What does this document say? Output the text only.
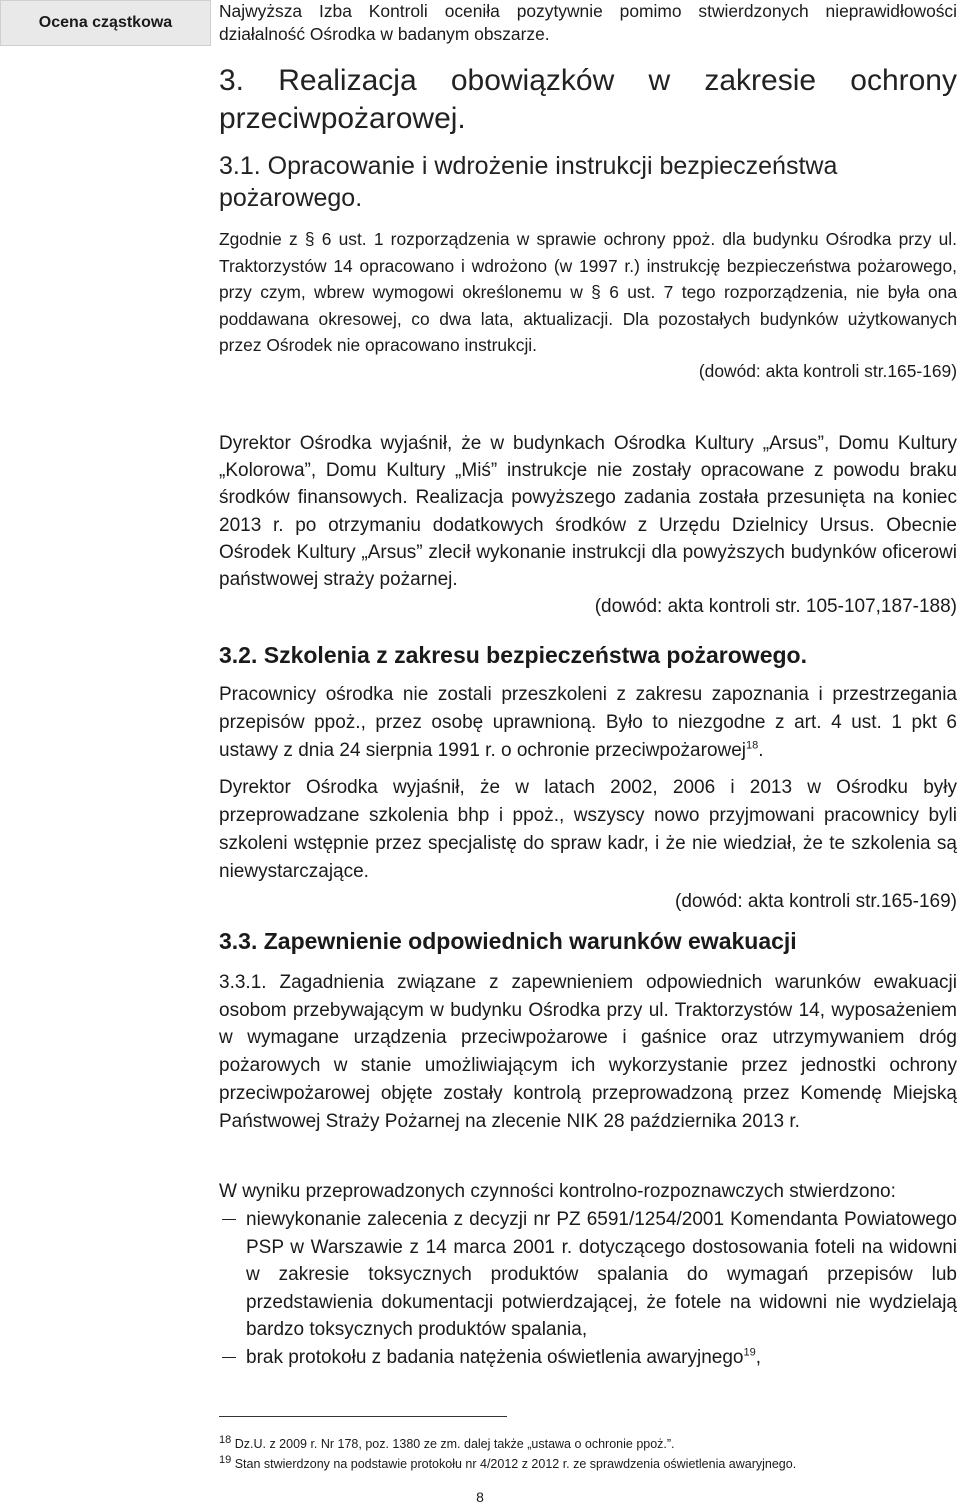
Ocena cząstkowa

Najwyższa Izba Kontroli oceniła pozytywnie pomimo stwierdzonych nieprawidłowości działalność Ośrodka w badanym obszarze.

3. Realizacja obowiązków w zakresie ochrony przeciwpożarowej.

3.1. Opracowanie i wdrożenie instrukcji bezpieczeństwa pożarowego.

Zgodnie z § 6 ust. 1 rozporządzenia w sprawie ochrony ppoż. dla budynku Ośrodka przy ul. Traktorzystów 14 opracowano i wdrożono (w 1997 r.) instrukcję bezpieczeństwa pożarowego, przy czym, wbrew wymogowi określonemu w § 6 ust. 7 tego rozporządzenia, nie była ona poddawana okresowej, co dwa lata, aktualizacji. Dla pozostałych budynków użytkowanych przez Ośrodek nie opracowano instrukcji.

(dowód: akta kontroli str.165-169)

Dyrektor Ośrodka wyjaśnił, że w budynkach Ośrodka Kultury „Arsus”, Domu Kultury „Kolorowa”, Domu Kultury „Miś” instrukcje nie zostały opracowane z powodu braku środków finansowych. Realizacja powyższego zadania została przesunięta na koniec 2013 r. po otrzymaniu dodatkowych środków z Urzędu Dzielnicy Ursus. Obecnie Ośrodek Kultury „Arsus” zlecił wykonanie instrukcji dla powyższych budynków oficerowi państwowej straży pożarnej.

(dowód: akta kontroli str. 105-107,187-188)

3.2. Szkolenia z zakresu bezpieczeństwa pożarowego.

Pracownicy ośrodka nie zostali przeszkoleni z zakresu zapoznania i przestrzegania przepisów ppoż., przez osobę uprawnioną. Było to niezgodne z art. 4 ust. 1 pkt 6 ustawy z dnia 24 sierpnia 1991 r. o ochronie przeciwpożarowej$^{18}$.

Dyrektor Ośrodka wyjaśnił, że w latach 2002, 2006 i 2013 w Ośrodku były przeprowadzane szkolenia bhp i ppoż., wszyscy nowo przyjmowani pracownicy byli szkoleni wstępnie przez specjalistę do spraw kadr, i że nie wiedział, że te szkolenia są niewystarczające.

(dowód: akta kontroli str.165-169)

3.3. Zapewnienie odpowiednich warunków ewakuacji

3.3.1. Zagadnienia związane z zapewnieniem odpowiednich warunków ewakuacji osobom przebywającym w budynku Ośrodka przy ul. Traktorzystów 14, wyposażeniem w wymagane urządzenia przeciwpożarowe i gaśnice oraz utrzymywaniem dróg pożarowych w stanie umożliwiającym ich wykorzystanie przez jednostki ochrony przeciwpożarowej objęte zostały kontrolą przeprowadzoną przez Komendę Miejską Państwowej Straży Pożarnej na zlecenie NIK 28 października 2013 r.

W wyniku przeprowadzonych czynności kontrolno-rozpoznawczych stwierdzono:

niewykonanie zalecenia z decyzji nr PZ 6591/1254/2001 Komendanta Powiatowego PSP w Warszawie z 14 marca 2001 r. dotyczącego dostosowania foteli na widowni w zakresie toksycznych produktów spalania do wymagań przepisów lub przedstawienia dokumentacji potwierdzającej, że fotele na widowni nie wydzielają bardzo toksycznych produktów spalania,
brak protokołu z badania natężenia oświetlenia awaryjnego$^{19}$,
$^{18}$ Dz.U. z 2009 r. Nr 178, poz. 1380 ze zm. dalej także „ustawa o ochronie ppoż.”.
$^{19}$ Stan stwierdzony na podstawie protokołu nr 4/2012 z 2012 r. ze sprawdzenia oświetlenia awaryjnego.
8
